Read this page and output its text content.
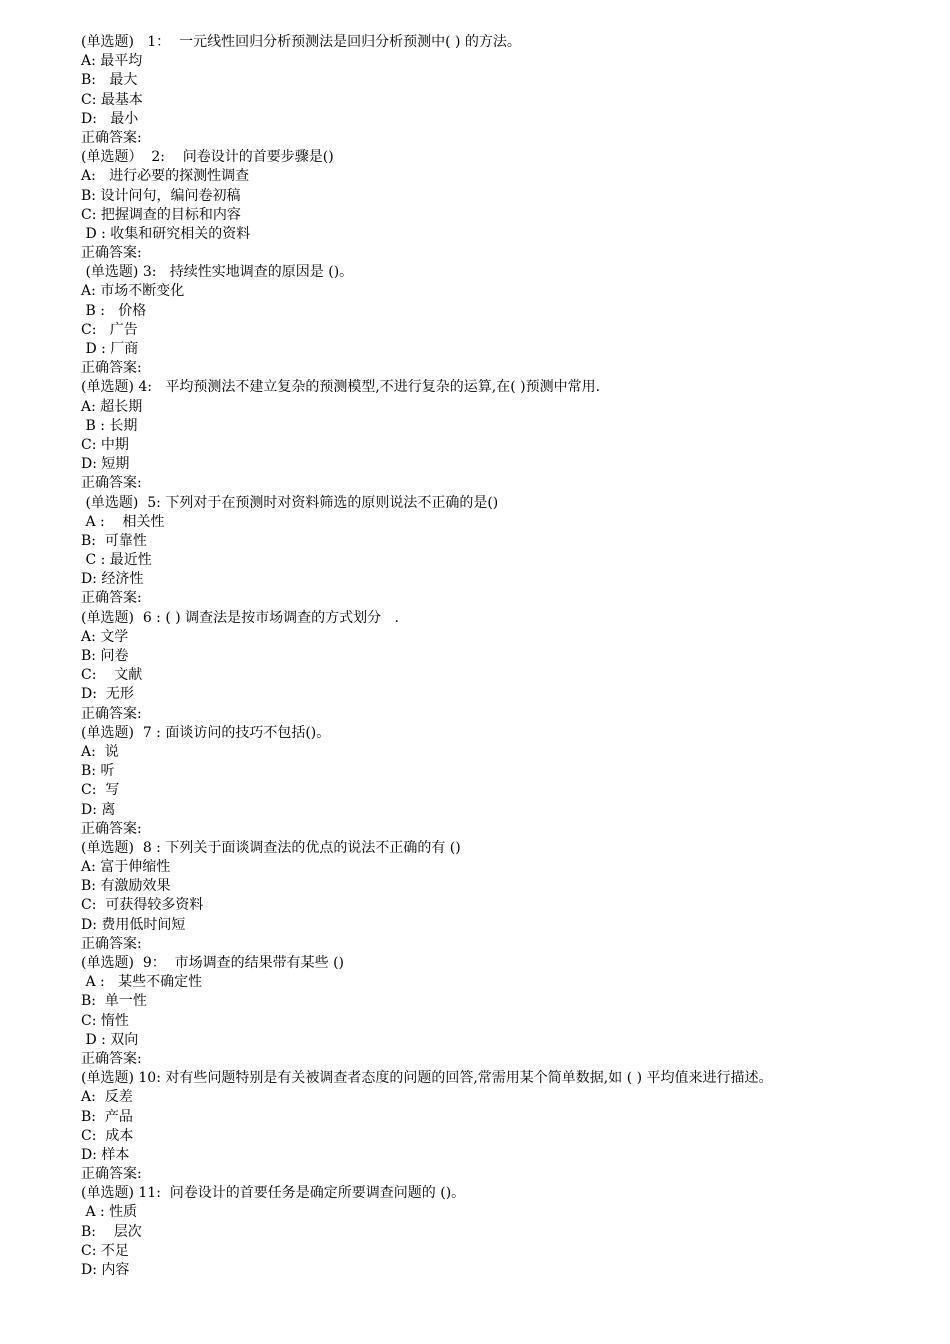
(单选题)   1：  一元线性回归分析预测法是回归分析预测中( ) 的方法。
A: 最平均
B:   最大
C: 最基本
D:   最小
正确答案:
(单选题）  2:    问卷设计的首要步骤是()
A:   进行必要的探测性调查
B: 设计问句，编问卷初稿
C: 把握调查的目标和内容
D : 收集和研究相关的资料
正确答案:
(单选题) 3:   持续性实地调查的原因是 ()。
A: 市场不断变化
B :   价格
C:   广告
D : 厂商
正确答案:
(单选题) 4:   平均预测法不建立复杂的预测模型,不进行复杂的运算,在( )预测中常用.
A: 超长期
B : 长期
C: 中期
D: 短期
正确答案:
(单选题)  5: 下列对于在预测时对资料筛选的原则说法不正确的是()
A :    相关性
B:  可靠性
C : 最近性
D: 经济性
正确答案:
(单选题)  6 : ( ) 调查法是按市场调查的方式划分   .
A: 文学
B: 问卷
C:    文献
D:  无形
正确答案:
(单选题)  7 : 面谈访问的技巧不包括()。
A:  说
B: 听
C:  写
D: 离
正确答案:
(单选题)  8 : 下列关于面谈调查法的优点的说法不正确的有 ()
A: 富于伸缩性
B: 有激励效果
C:  可获得较多资料
D: 费用低时间短
正确答案:
(单选题)  9：  市场调查的结果带有某些 ()
A :   某些不确定性
B:  单一性
C: 惰性
D : 双向
正确答案:
(单选题) 10: 对有些问题特别是有关被调查者态度的问题的回答,常需用某个简单数据,如 ( ) 平均值来进行描述。
A:  反差
B:  产品
C:  成本
D: 样本
正确答案:
(单选题) 11:  问卷设计的首要任务是确定所要调查问题的 ()。
A : 性质
B:    层次
C: 不足
D: 内容
